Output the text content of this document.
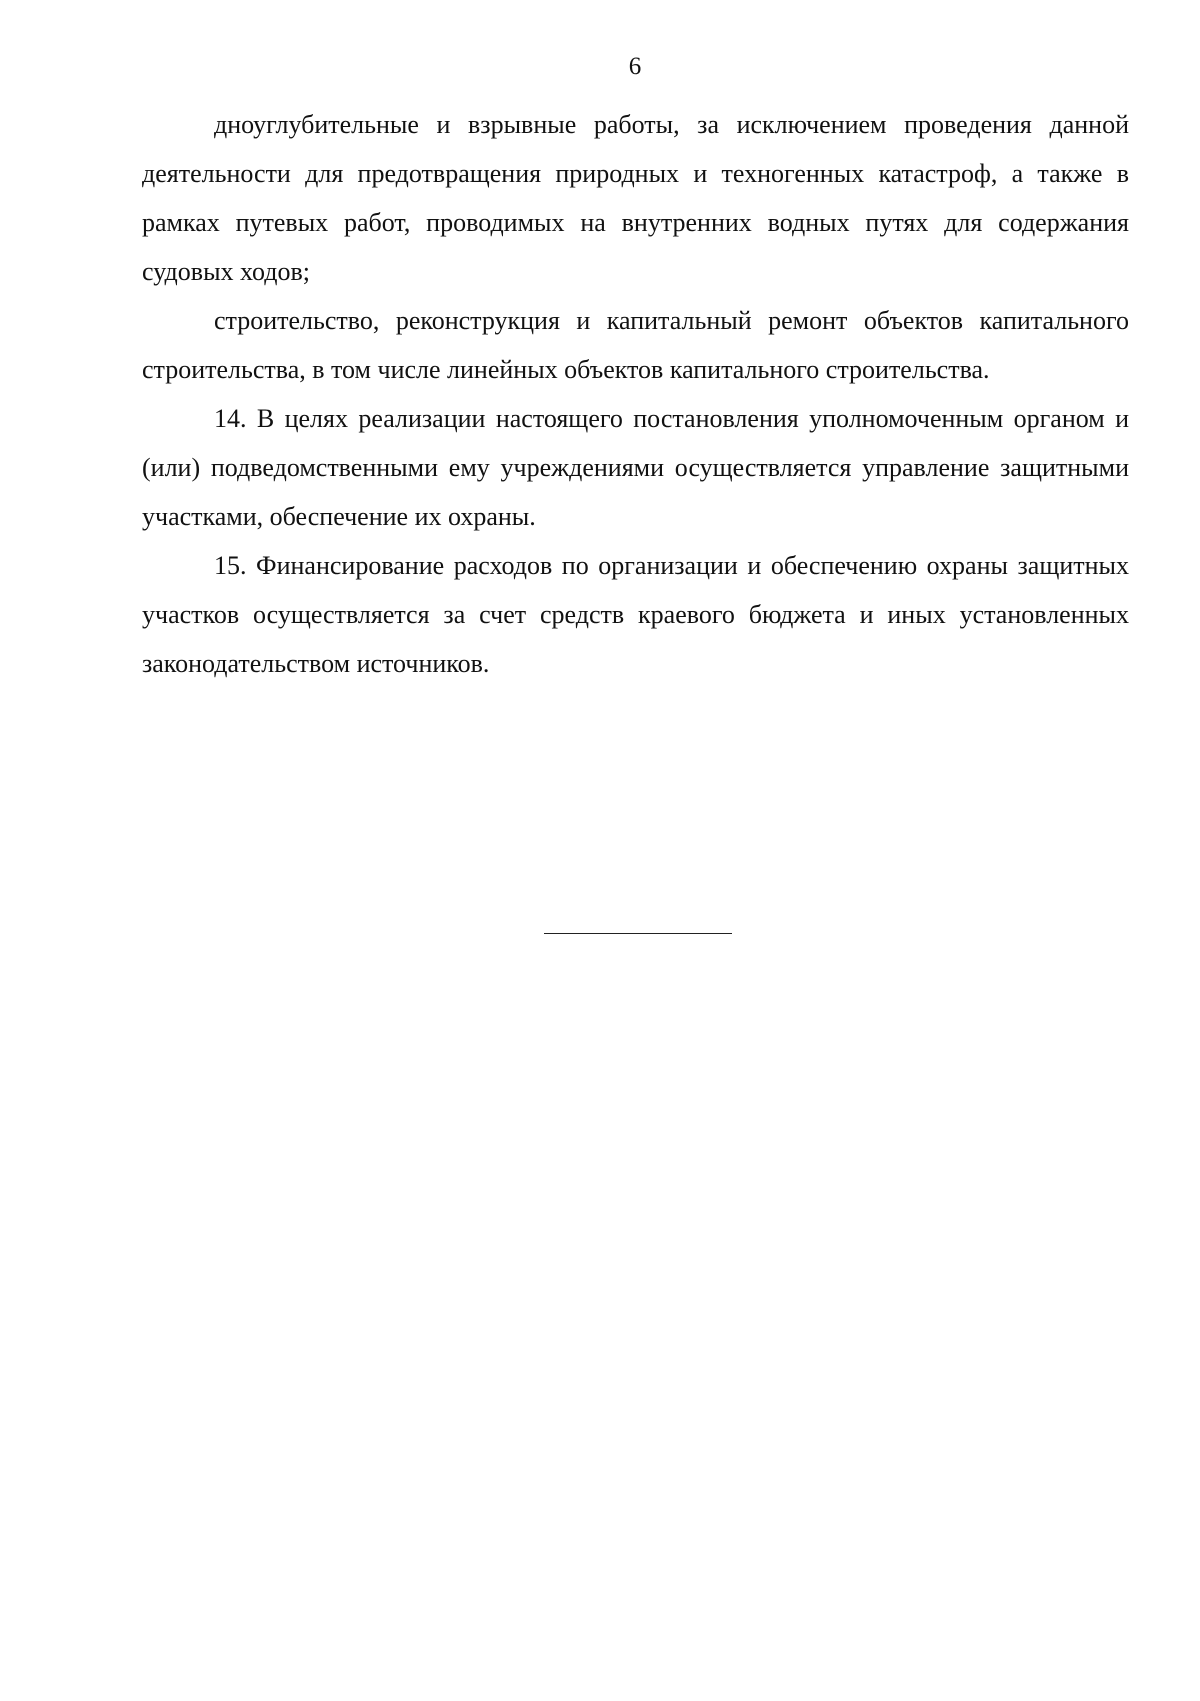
6

дноуглубительные и взрывные работы, за исключением проведения данной деятельности для предотвращения природных и техногенных катастроф, а также в рамках путевых работ, проводимых на внутренних водных путях для содержания судовых ходов;

строительство, реконструкция и капитальный ремонт объектов капитального строительства, в том числе линейных объектов капитального строительства.

14. В целях реализации настоящего постановления уполномоченным органом и (или) подведомственными ему учреждениями осуществляется управление защитными участками, обеспечение их охраны.

15. Финансирование расходов по организации и обеспечению охраны защитных участков осуществляется за счет средств краевого бюджета и иных установленных законодательством источников.
